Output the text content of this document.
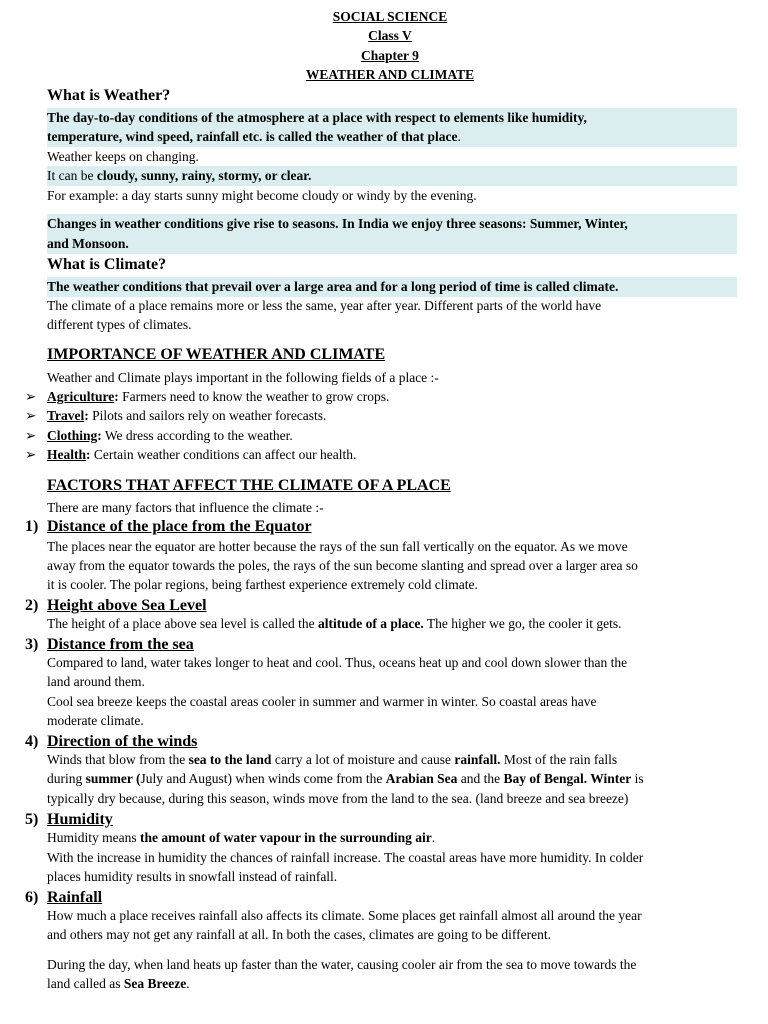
SOCIAL SCIENCE
Class V
Chapter 9
WEATHER AND CLIMATE
What is Weather?
The day-to-day conditions of the atmosphere at a place with respect to elements like humidity,
temperature, wind speed, rainfall etc. is called the weather of that place.
Weather keeps on changing.
It can be cloudy, sunny, rainy, stormy, or clear.
For example: a day starts sunny might become cloudy or windy by the evening.
Changes in weather conditions give rise to seasons. In India we enjoy three seasons: Summer, Winter,
and Monsoon.
What is Climate?
The weather conditions that prevail over a large area and for a long period of time is called climate.
The climate of a place remains more or less the same, year after year. Different parts of the world have
different types of climates.
IMPORTANCE OF WEATHER AND CLIMATE
Weather and Climate plays important in the following fields of a place :-
➢ Agriculture: Farmers need to know the weather to grow crops.
➢ Travel: Pilots and sailors rely on weather forecasts.
➢ Clothing: We dress according to the weather.
➢ Health: Certain weather conditions can affect our health.
FACTORS THAT AFFECT THE CLIMATE OF A PLACE
There are many factors that influence the climate :-
1) Distance of the place from the Equator
The places near the equator are hotter because the rays of the sun fall vertically on the equator. As we move
away from the equator towards the poles, the rays of the sun become slanting and spread over a larger area so
it is cooler. The polar regions, being farthest experience extremely cold climate.
2) Height above Sea Level
The height of a place above sea level is called the altitude of a place. The higher we go, the cooler it gets.
3) Distance from the sea
Compared to land, water takes longer to heat and cool. Thus, oceans heat up and cool down slower than the
land around them.
Cool sea breeze keeps the coastal areas cooler in summer and warmer in winter. So coastal areas have
moderate climate.
4) Direction of the winds
Winds that blow from the sea to the land carry a lot of moisture and cause rainfall. Most of the rain falls
during summer (July and August) when winds come from the Arabian Sea and the Bay of Bengal. Winter is
typically dry because, during this season, winds move from the land to the sea. (land breeze and sea breeze)
5) Humidity
Humidity means the amount of water vapour in the surrounding air.
With the increase in humidity the chances of rainfall increase. The coastal areas have more humidity. In colder
places humidity results in snowfall instead of rainfall.
6) Rainfall
How much a place receives rainfall also affects its climate. Some places get rainfall almost all around the year
and others may not get any rainfall at all. In both the cases, climates are going to be different.
During the day, when land heats up faster than the water, causing cooler air from the sea to move towards the
land called as Sea Breeze.
